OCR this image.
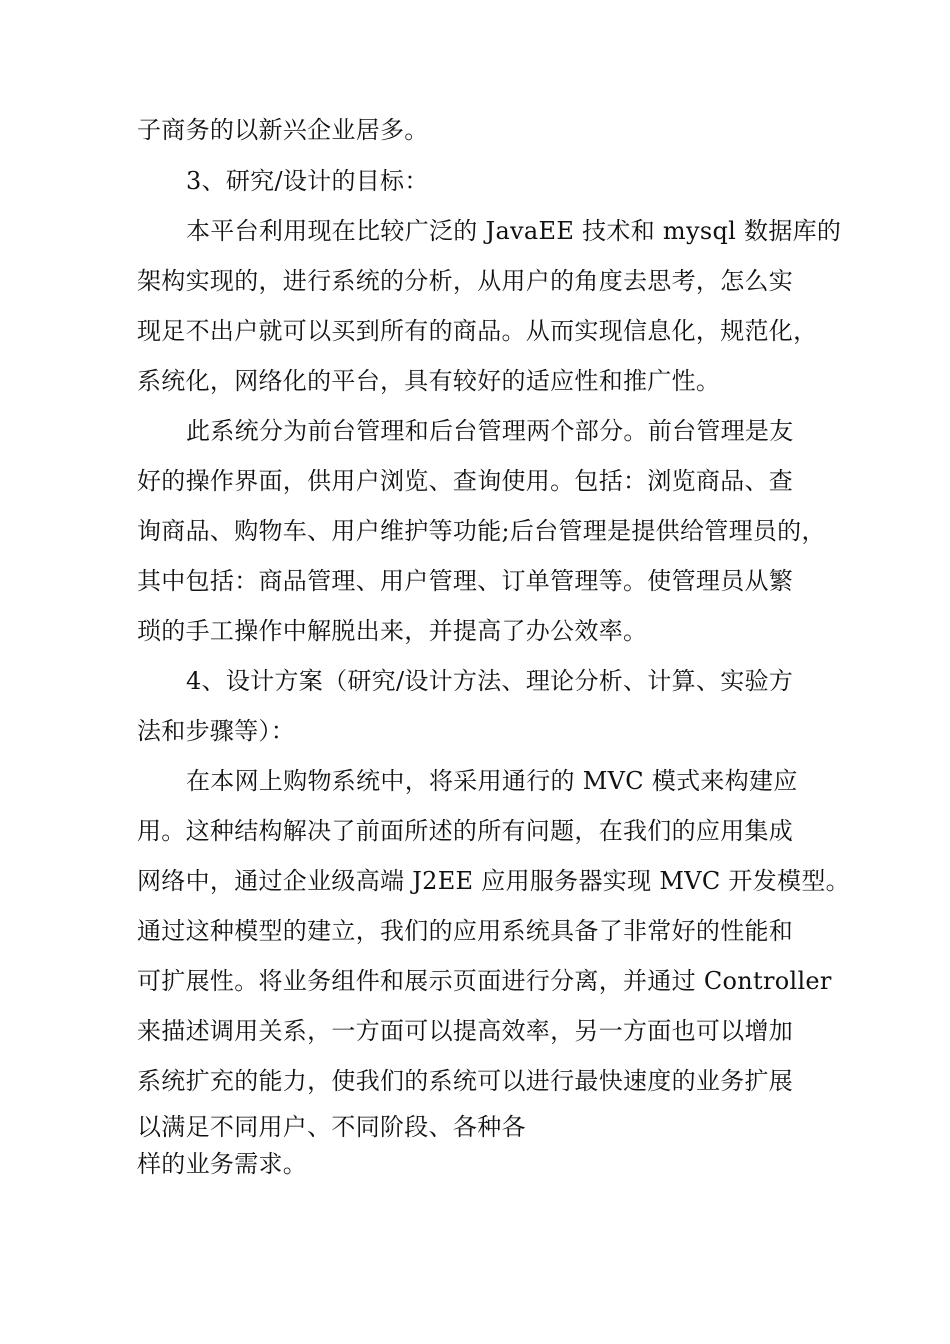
子商务的以新兴企业居多。
3、研究/设计的目标：
本平台利用现在比较广泛的 JavaEE 技术和 mysql 数据库的
架构实现的，进行系统的分析，从用户的角度去思考，怎么实
现足不出户就可以买到所有的商品。从而实现信息化，规范化，
系统化，网络化的平台，具有较好的适应性和推广性。
此系统分为前台管理和后台管理两个部分。前台管理是友
好的操作界面，供用户浏览、查询使用。包括：浏览商品、查
询商品、购物车、用户维护等功能;后台管理是提供给管理员的，
其中包括：商品管理、用户管理、订单管理等。使管理员从繁
琐的手工操作中解脱出来，并提高了办公效率。
4、设计方案（研究/设计方法、理论分析、计算、实验方
法和步骤等）：
在本网上购物系统中，将采用通行的 MVC 模式来构建应
用。这种结构解决了前面所述的所有问题，在我们的应用集成
网络中，通过企业级高端 J2EE 应用服务器实现 MVC 开发模型。
通过这种模型的建立，我们的应用系统具备了非常好的性能和
可扩展性。将业务组件和展示页面进行分离，并通过 Controller
来描述调用关系，一方面可以提高效率，另一方面也可以增加
系统扩充的能力，使我们的系统可以进行最快速度的业务扩展
以满足不同用户、不同阶段、各种各
样的业务需求。
